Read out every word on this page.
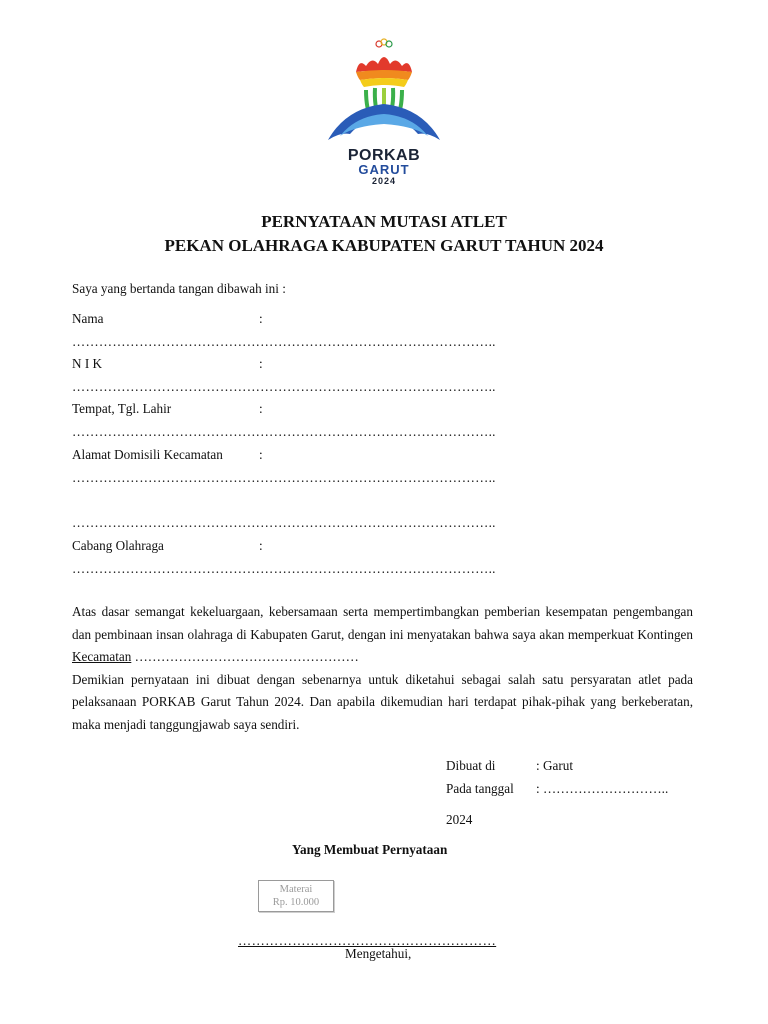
PORKAB
GARUT
2024
PERNYATAAN MUTASI ATLET
PEKAN OLAHRAGA KABUPATEN GARUT TAHUN 2024
Saya yang bertanda tangan dibawah ini :
Nama	:
…………………………………………………………………………………..
N I K	:
…………………………………………………………………………………..
Tempat, Tgl. Lahir	:
…………………………………………………………………………………..
Alamat Domisili Kecamatan	:
…………………………………………………………………………………..
…………………………………………………………………………………..
Cabang Olahraga	:
…………………………………………………………………………………..

Atas dasar semangat kekeluargaan, kebersamaan serta mempertimbangkan pemberian kesempatan pengembangan dan pembinaan insan olahraga di Kabupaten Garut, dengan ini menyatakan bahwa saya akan memperkuat Kontingen Kecamatan ……………………………………………

Demikian pernyataan ini dibuat dengan sebenarnya untuk diketahui sebagai salah satu persyaratan atlet pada pelaksanaan PORKAB Garut Tahun 2024. Dan apabila dikemudian hari terdapat pihak-pihak yang berkeberatan, maka menjadi tanggungjawab saya sendiri.

Dibuat di	: Garut
Pada tanggal : ………………………..
2024
Yang Membuat Pernyataan
Materai
Rp. 10.000
…………………………………………………
Mengetahui,
